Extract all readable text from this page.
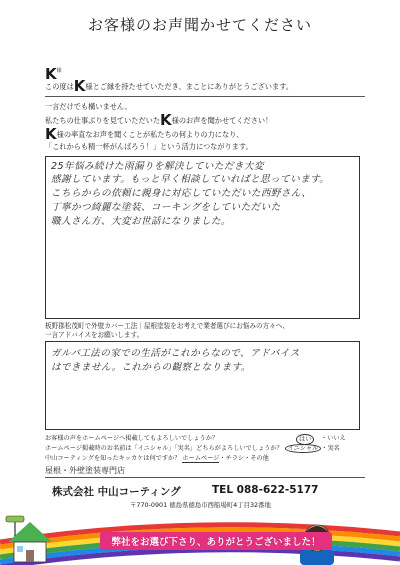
お客様のお声聞かせてください
$K^様$
この度はK様とご縁を持たせていただき、まことにありがとうございます。
一言だけでも構いません。
私たちの仕事ぶりを見ていただいたK様のお声を聞かせてください！
K様の率直なお声を聞くことが私たちの何よりの力になり、
「これからも精一杯がんばろう！」という活力につながります。
25年悩み続けた雨漏りを解決していただき大変
感謝しています。もっと早く相談していればと思っています。
こちらからの依頼に親身に対応していただいた西野さん、
丁寧かつ綺麗な塗装、コーキングをしていただいた
職人さん方、大変お世話になりました。
板野郡松茂町で外壁カバー工法｜屋根塗装をお考えで業者選びにお悩みの方々へ、
一言アドバイスをお願いします。
ガルバ工法の家での生活がこれからなので、アドバイス
はできません。これからの観察となります。
お客様の声をホームページへ掲載してもよろしいでしょうか？	はい	・いいえ
ホームページ掲載時のお名前は「イニシャル」「実名」どちらがよろしいでしょうか？ イニシャル ・実名
中山コーティングを知ったキッカケは何ですか？ ホームページ・チラシ・その他
屋根・外壁塗装専門店
株式会社 中山コーティング	TEL 088-622-5177
〒770-0901 徳島県徳島市西船場町4丁目32番地
弊社をお選び下さり、ありがとうございました！
